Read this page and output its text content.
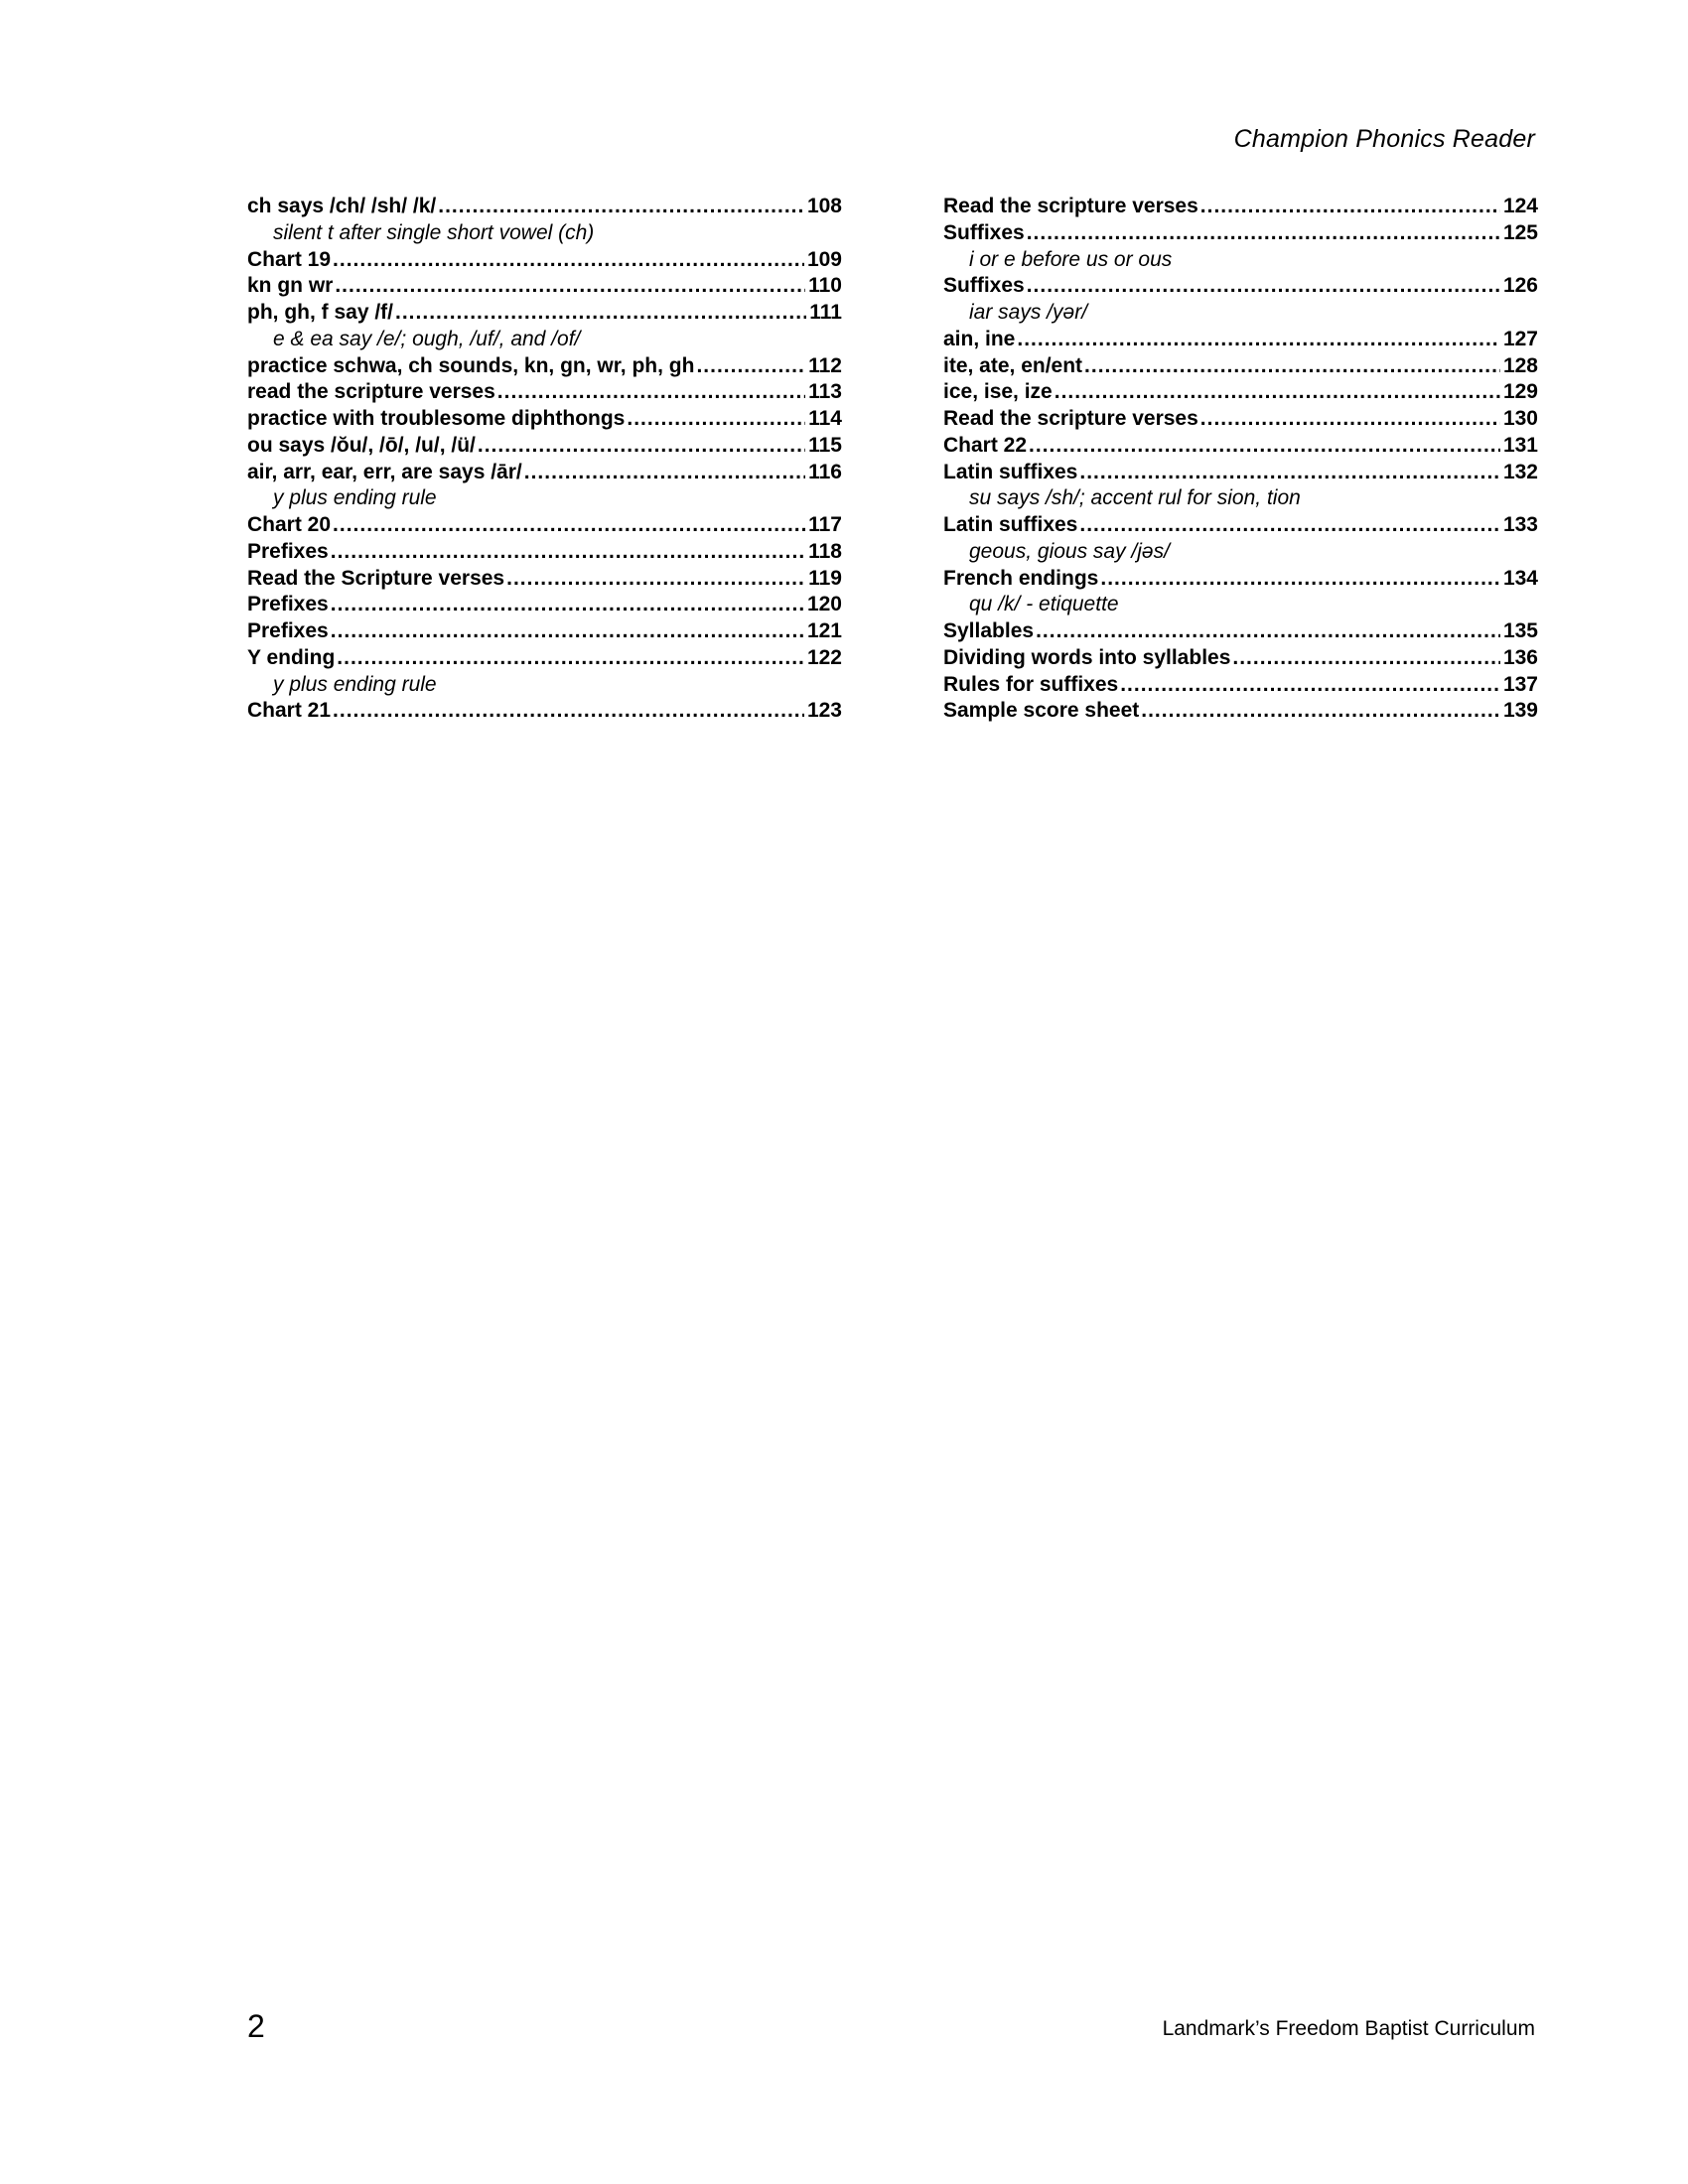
Champion Phonics Reader
ch says /ch/ /sh/ /k/ .....	108
silent t after single short vowel (ch)
Chart 19 .....	109
kn gn wr .....	110
ph, gh, f say /f/ .....	111
e & ea say /e/; ough, /uf/, and /of/
practice schwa, ch sounds, kn, gn, wr, ph, gh .....	112
read the scripture verses .....	113
practice with troublesome diphthongs .....	114
ou says /ŏu/, /ō/, /u/, /ü/ .....	115
air, arr, ear, err, are says /ār/ .....	116
y plus ending rule
Chart 20 .....	117
Prefixes .....	118
Read the Scripture verses .....	119
Prefixes .....	120
Prefixes .....	121
Y ending .....	122
y plus ending rule
Chart 21 .....	123
Read the scripture verses .....	124
Suffixes .....	125
i or e before us or ous
Suffixes .....	126
iar says /yər/
ain, ine .....	127
ite, ate, en/ent .....	128
ice, ise, ize .....	129
Read the scripture verses .....	130
Chart 22 .....	131
Latin suffixes .....	132
su says /sh/; accent rul for sion, tion
Latin suffixes .....	133
geous, gious say /jəs/
French endings .....	134
qu /k/ - etiquette
Syllables .....	135
Dividing words into syllables .....	136
Rules for suffixes .....	137
Sample score sheet .....	139
2	Landmark’s Freedom Baptist Curriculum
